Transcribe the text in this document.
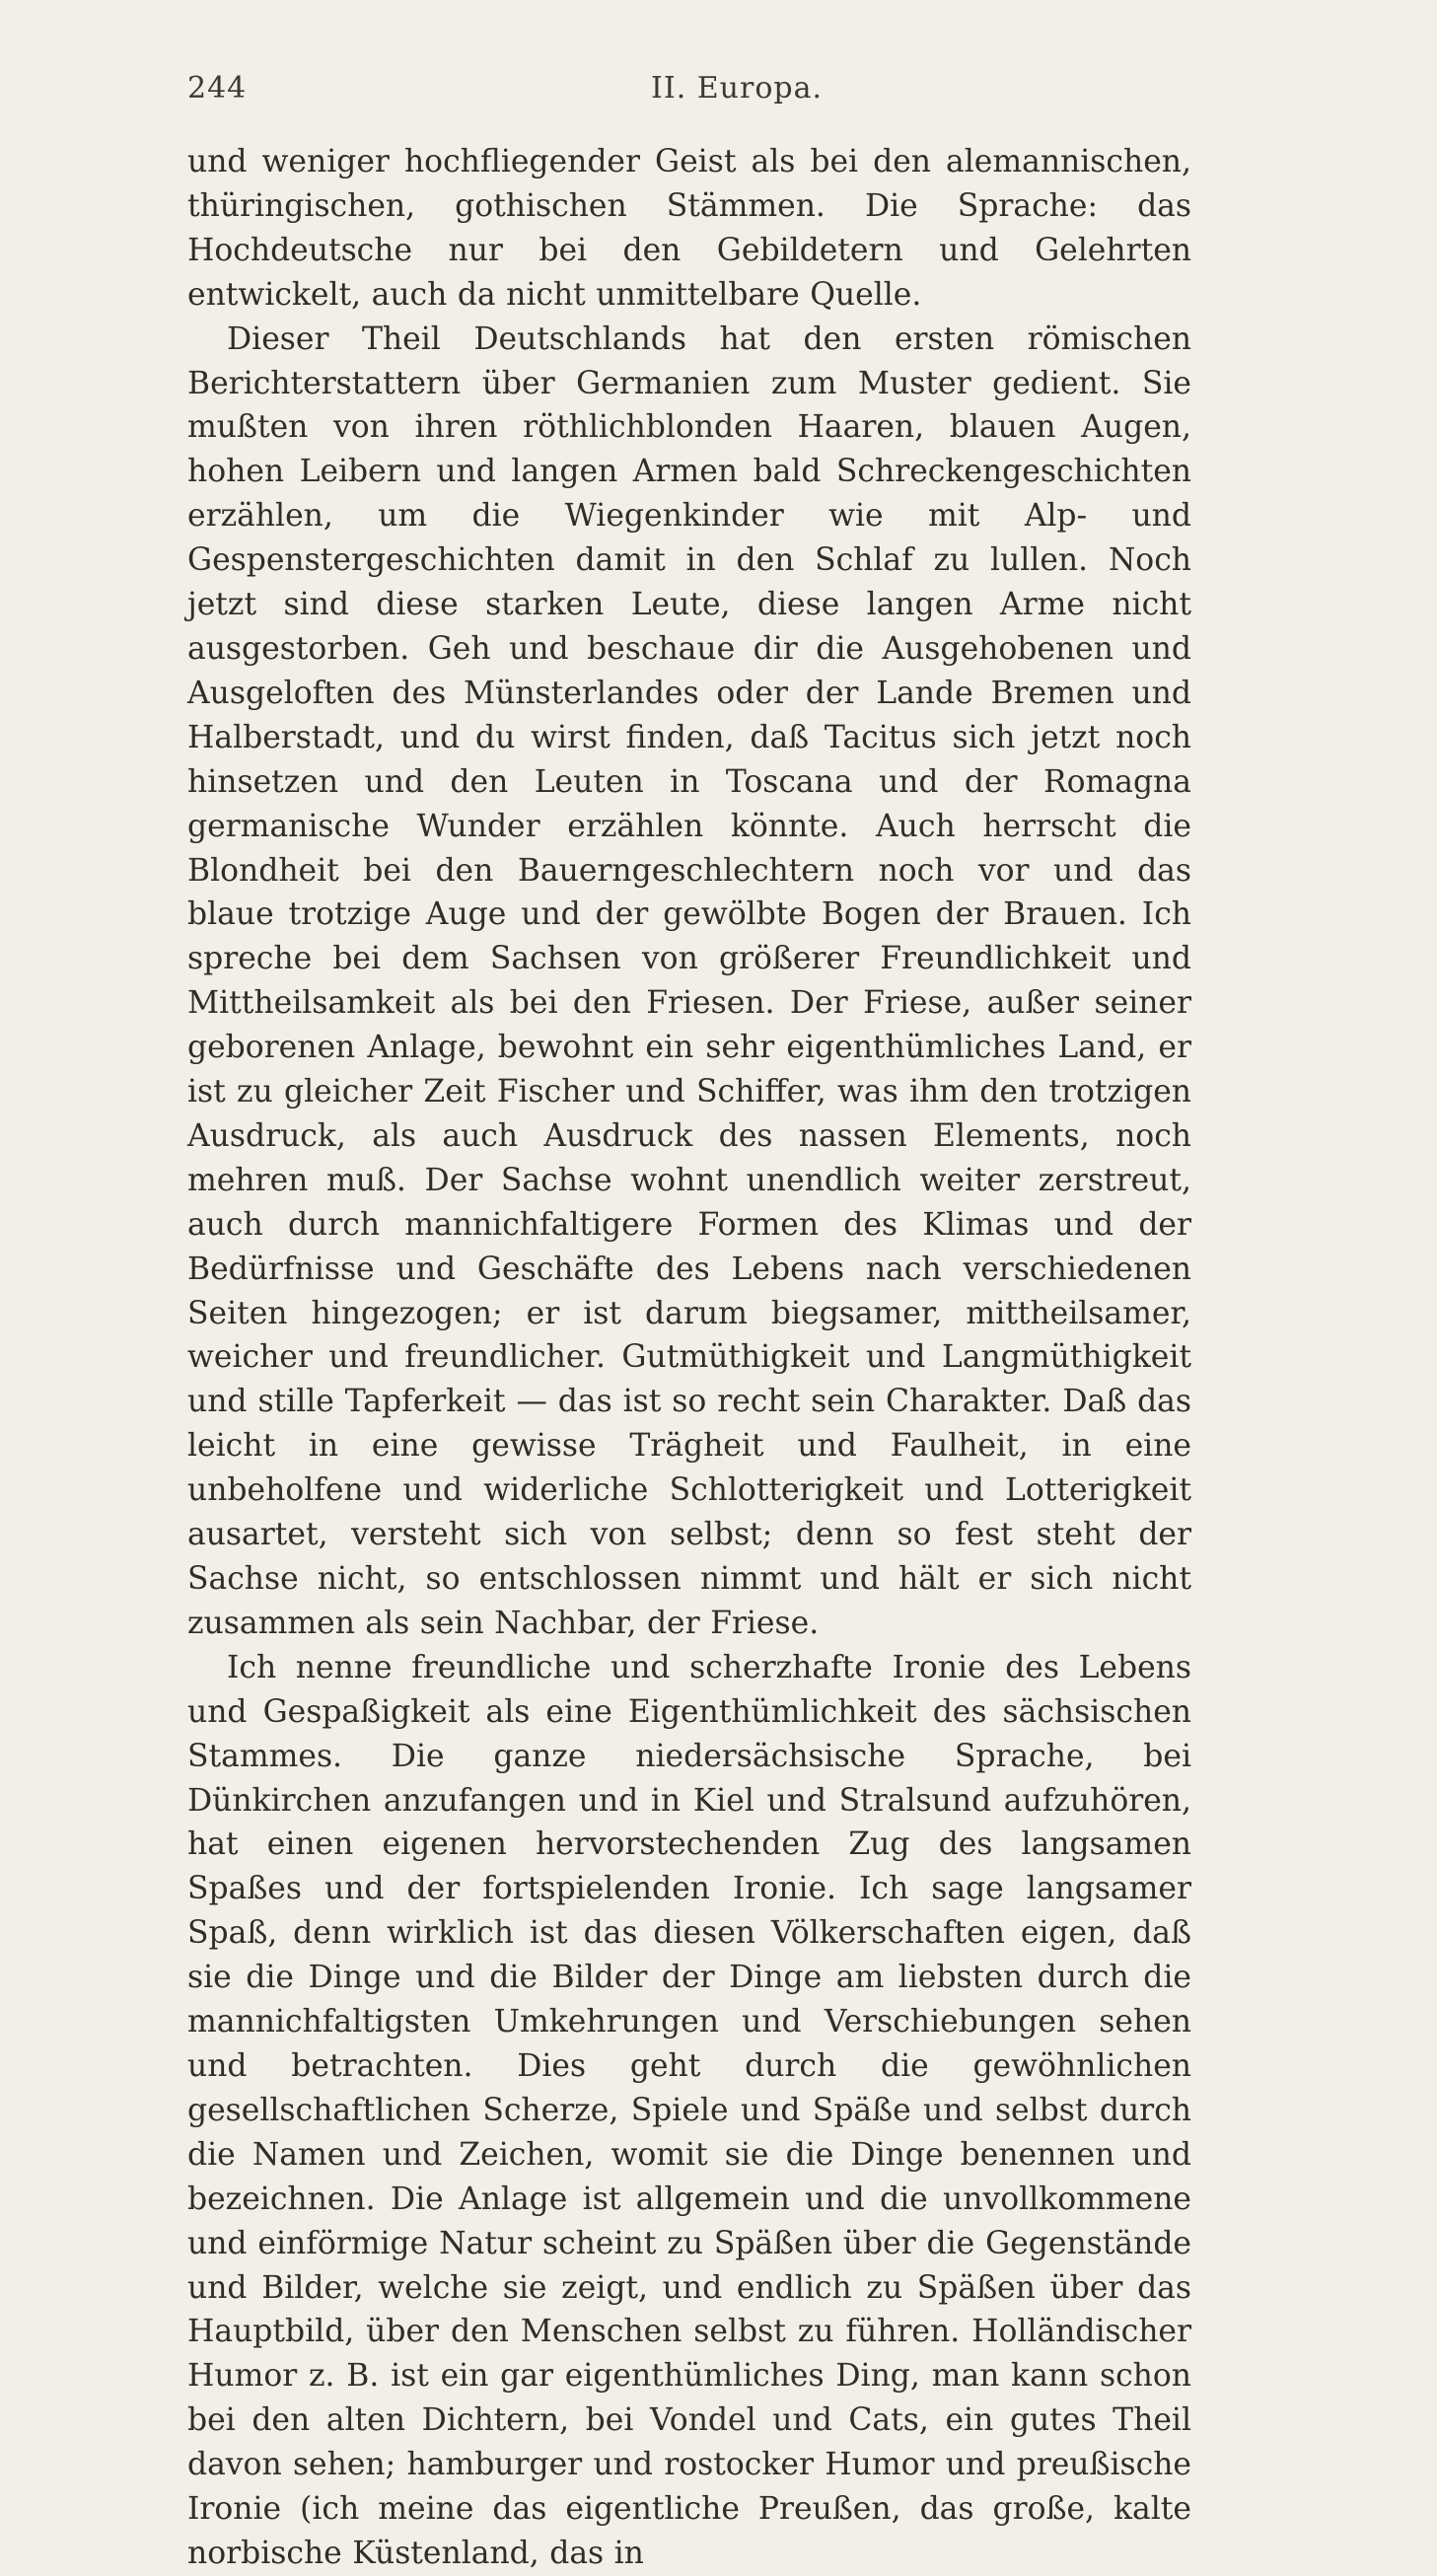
244	II. Europa.

und weniger hochfliegender Geist als bei den alemannischen, thüringischen, gothischen Stämmen. Die Sprache: das Hochdeutsche nur bei den Gebildetern und Gelehrten entwickelt, auch da nicht unmittelbare Quelle.

Dieser Theil Deutschlands hat den ersten römischen Berichterstattern über Germanien zum Muster gedient. Sie mußten von ihren röthlichblonden Haaren, blauen Augen, hohen Leibern und langen Armen bald Schreckengeschichten erzählen, um die Wiegenkinder wie mit Alp- und Gespenstergeschichten damit in den Schlaf zu lullen. Noch jetzt sind diese starken Leute, diese langen Arme nicht ausgestorben. Geh und beschaue dir die Ausgehobenen und Ausgeloften des Münsterlandes oder der Lande Bremen und Halberstadt, und du wirst finden, daß Tacitus sich jetzt noch hinsetzen und den Leuten in Toscana und der Romagna germanische Wunder erzählen könnte. Auch herrscht die Blondheit bei den Bauerngeschlechtern noch vor und das blaue trotzige Auge und der gewölbte Bogen der Brauen. Ich spreche bei dem Sachsen von größerer Freundlichkeit und Mittheilsamkeit als bei den Friesen. Der Friese, außer seiner geborenen Anlage, bewohnt ein sehr eigenthümliches Land, er ist zu gleicher Zeit Fischer und Schiffer, was ihm den trotzigen Ausdruck, als auch Ausdruck des nassen Elements, noch mehren muß. Der Sachse wohnt unendlich weiter zerstreut, auch durch mannichfaltigere Formen des Klimas und der Bedürfnisse und Geschäfte des Lebens nach verschiedenen Seiten hingezogen; er ist darum biegsamer, mittheilsamer, weicher und freundlicher. Gutmüthigkeit und Langmüthigkeit und stille Tapferkeit — das ist so recht sein Charakter. Daß das leicht in eine gewisse Trägheit und Faulheit, in eine unbeholfene und widerliche Schlotterigkeit und Lotterigkeit ausartet, versteht sich von selbst; denn so fest steht der Sachse nicht, so entschlossen nimmt und hält er sich nicht zusammen als sein Nachbar, der Friese.

Ich nenne freundliche und scherzhafte Ironie des Lebens und Gespaßigkeit als eine Eigenthümlichkeit des sächsischen Stammes. Die ganze niedersächsische Sprache, bei Dünkirchen anzufangen und in Kiel und Stralsund aufzuhören, hat einen eigenen hervorstechenden Zug des langsamen Spaßes und der fortspielenden Ironie. Ich sage langsamer Spaß, denn wirklich ist das diesen Völkerschaften eigen, daß sie die Dinge und die Bilder der Dinge am liebsten durch die mannichfaltigsten Umkehrungen und Verschiebungen sehen und betrachten. Dies geht durch die gewöhnlichen gesellschaftlichen Scherze, Spiele und Späße und selbst durch die Namen und Zeichen, womit sie die Dinge benennen und bezeichnen. Die Anlage ist allgemein und die unvollkommene und einförmige Natur scheint zu Späßen über die Gegenstände und Bilder, welche sie zeigt, und endlich zu Späßen über das Hauptbild, über den Menschen selbst zu führen. Holländischer Humor z. B. ist ein gar eigenthümliches Ding, man kann schon bei den alten Dichtern, bei Vondel und Cats, ein gutes Theil davon sehen; hamburger und rostocker Humor und preußische Ironie (ich meine das eigentliche Preußen, das große, kalte norbische Küstenland, das in
